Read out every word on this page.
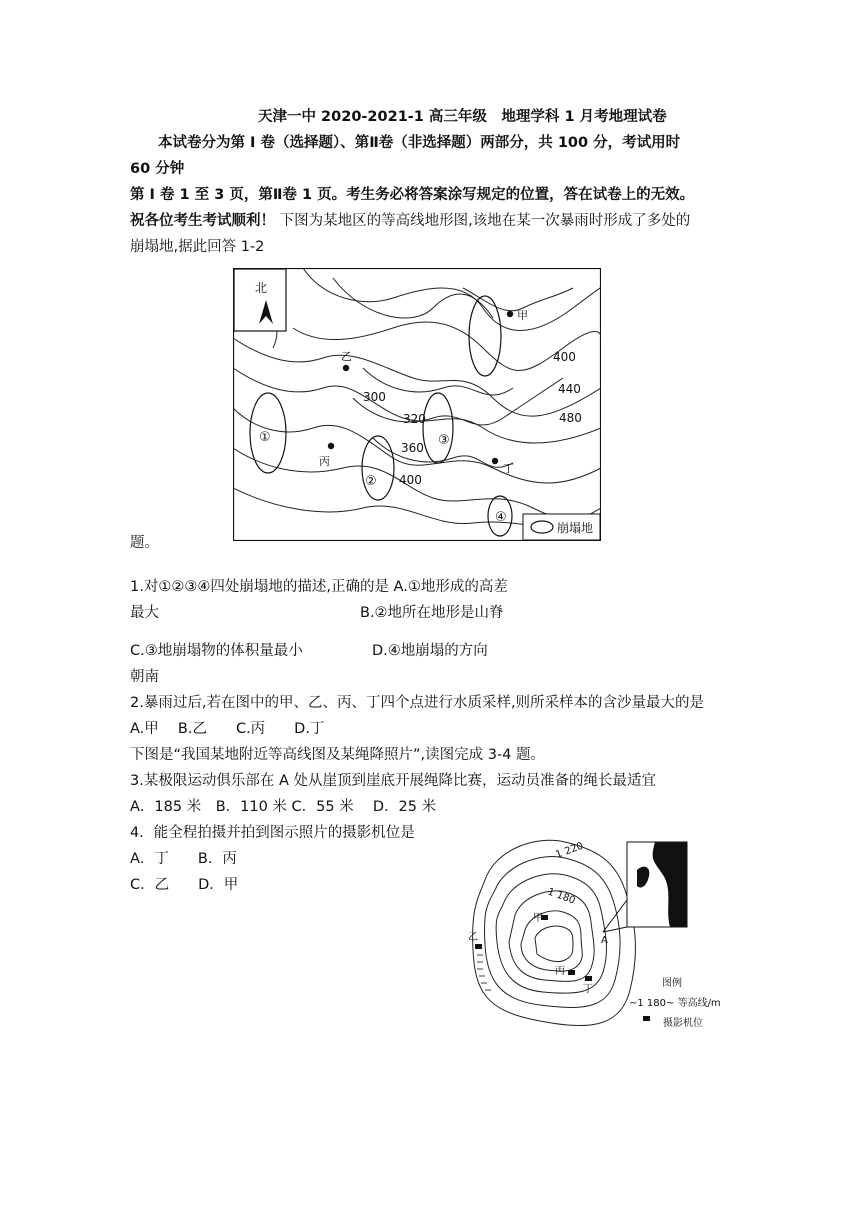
天津一中 2020-2021-1 高三年级　地理学科 1 月考地理试卷
本试卷分为第 I 卷（选择题）、第Ⅱ卷（非选择题）两部分，共 100 分，考试用时
60 分钟
第 I 卷 1 至 3 页，第Ⅱ卷 1 页。考生务必将答案涂写规定的位置，答在试卷上的无效。
祝各位考生考试顺利！ 下图为某地区的等高线地形图,该地在某一次暴雨时形成了多处的
崩塌地,据此回答 1-2
北
甲
乙
丙
丁
400
440
480
300
320
360
400
①
②
③
④
崩塌地
题。
1.对①②③④四处崩塌地的描述,正确的是 A.①地形成的高差
最大	B.②地所在地形是山脊
C.③地崩塌物的体积量最小	D.④地崩塌的方向
朝南
2.暴雨过后,若在图中的甲、乙、丙、丁四个点进行水质采样,则所采样本的含沙量最大的是
A.甲　 B.乙　　C.丙　　D.丁
下图是“我国某地附近等高线图及某绳降照片”,读图完成 3-4 题。
3.某极限运动俱乐部在 A 处从崖顶到崖底开展绳降比赛，运动员准备的绳长最适宜
A．185 米　B．110 米 C．55 米　 D．25 米
4．能全程拍摄并拍到图示照片的摄影机位是
A．丁　　B．丙
C．乙　　D．甲
1 220
1 180
甲
乙
丙
丁
A
图例
~1 180~ 等高线/m
摄影机位
